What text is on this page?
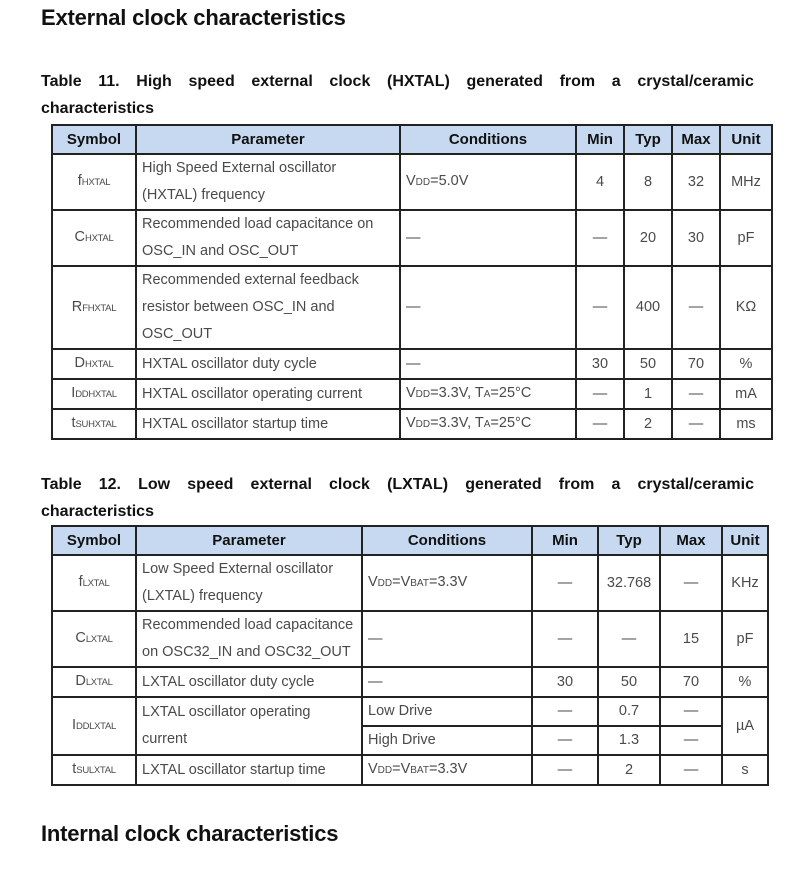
External clock characteristics
Table 11. High speed external clock (HXTAL) generated from a crystal/ceramic
characteristics
Symbol	Parameter	Conditions	Min	Typ	Max	Unit
fHXTAL	High Speed External oscillator (HXTAL) frequency	VDD=5.0V	4	8	32	MHz
CHXTAL	Recommended load capacitance on OSC_IN and OSC_OUT	—	—	20	30	pF
RFHXTAL	Recommended external feedback resistor between OSC_IN and OSC_OUT	—	—	400	—	KΩ
DHXTAL	HXTAL oscillator duty cycle	—	30	50	70	%
IDDHXTAL	HXTAL oscillator operating current	VDD=3.3V, TA=25°C	—	1	—	mA
tSUHXTAL	HXTAL oscillator startup time	VDD=3.3V, TA=25°C	—	2	—	ms
Table 12. Low speed external clock (LXTAL) generated from a crystal/ceramic
characteristics
Symbol	Parameter	Conditions	Min	Typ	Max	Unit
fLXTAL	Low Speed External oscillator (LXTAL) frequency	VDD=VBAT=3.3V	—	32.768	—	KHz
CLXTAL	Recommended load capacitance on OSC32_IN and OSC32_OUT	—	—	—	15	pF
DLXTAL	LXTAL oscillator duty cycle	—	30	50	70	%
IDDLXTAL	LXTAL oscillator operating current	Low Drive	—	0.7	—	µA
		High Drive	—	1.3	—	
tSULXTAL	LXTAL oscillator startup time	VDD=VBAT=3.3V	—	2	—	s
Internal clock characteristics
